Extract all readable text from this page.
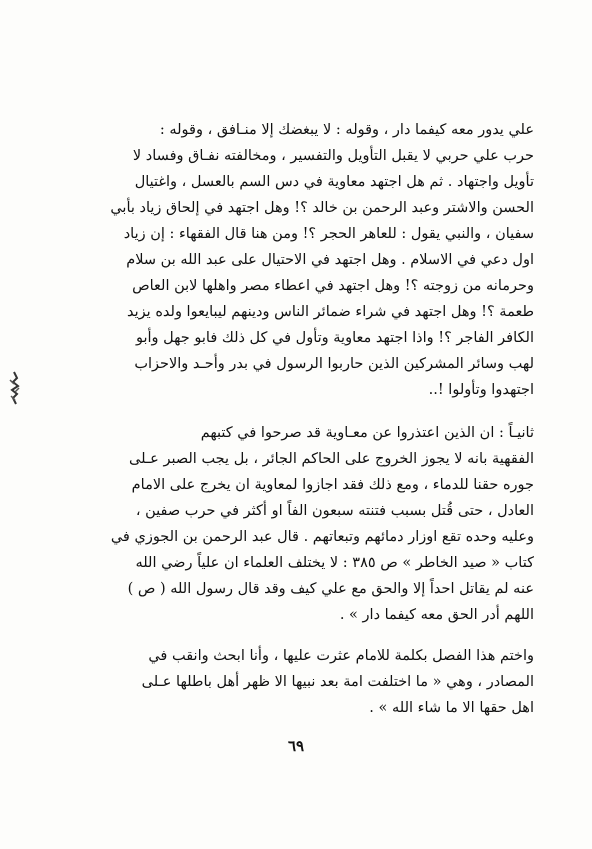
علي يدور معه كيفما دار ، وقوله : لا يبغضك إلا منـافق ، وقوله :
حرب علي حربي لا يقبل التأويل والتفسير ، ومخالفته نفـاق وفساد لا
تأويل واجتهاد . ثم هل اجتهد معاوية في دس السم بالعسل ، واغتيال
الحسن والاشتر وعبد الرحمن بن خالد ؟! وهل اجتهد في إلحاق زياد بأبي
سفيان ، والنبي يقول : للعاهر الحجر ؟! ومن هنا قال الفقهاء : إن زياد
اول دعي في الاسلام . وهل اجتهد في الاحتيال على عبد الله بن سلام
وحرمانه من زوجته ؟! وهل اجتهد في اعطاء مصر واهلها لابن العاص
طعمة ؟! وهل اجتهد في شراء ضمائر الناس ودينهم ليبايعوا ولده يزيد
الكافر الفاجر ؟! واذا اجتهد معاوية وتأول في كل ذلك فابو جهل وأبو
لهب وسائر المشركين الذين حاربوا الرسول في بدر وأحـد والاحزاب
اجتهدوا وتأولوا !..
ثانيـاً : ان الذين اعتذروا عن معـاوية قد صرحوا في كتبهم
الفقهية بانه لا يجوز الخروج على الحاكم الجائر ، بل يجب الصبر عـلى
جوره حقنا للدماء ، ومع ذلك فقد اجازوا لمعاوية ان يخرج على الامام
العادل ، حتى قُتل بسبب فتنته سبعون الفاً او أكثر في حرب صفين ،
وعليه وحده تقع اوزار دمائهم وتبعاتهم . قال عبد الرحمن بن الجوزي في
كتاب « صيد الخاطر » ص ٣٨٥ : لا يختلف العلماء ان علياً رضي الله
عنه لم يقاتل احداً إلا والحق مع علي كيف وقد قال رسول الله ( ص )
اللهم أدر الحق معه كيفما دار » .
واختم هذا الفصل بكلمة للامام عثرت عليها ، وأنا ابحث وانقب في
المصادر ، وهي « ما اختلفت امة بعد نبيها الا ظهر أهل باطلها عـلى
اهل حقها الا ما شاء الله » .
٦٩
